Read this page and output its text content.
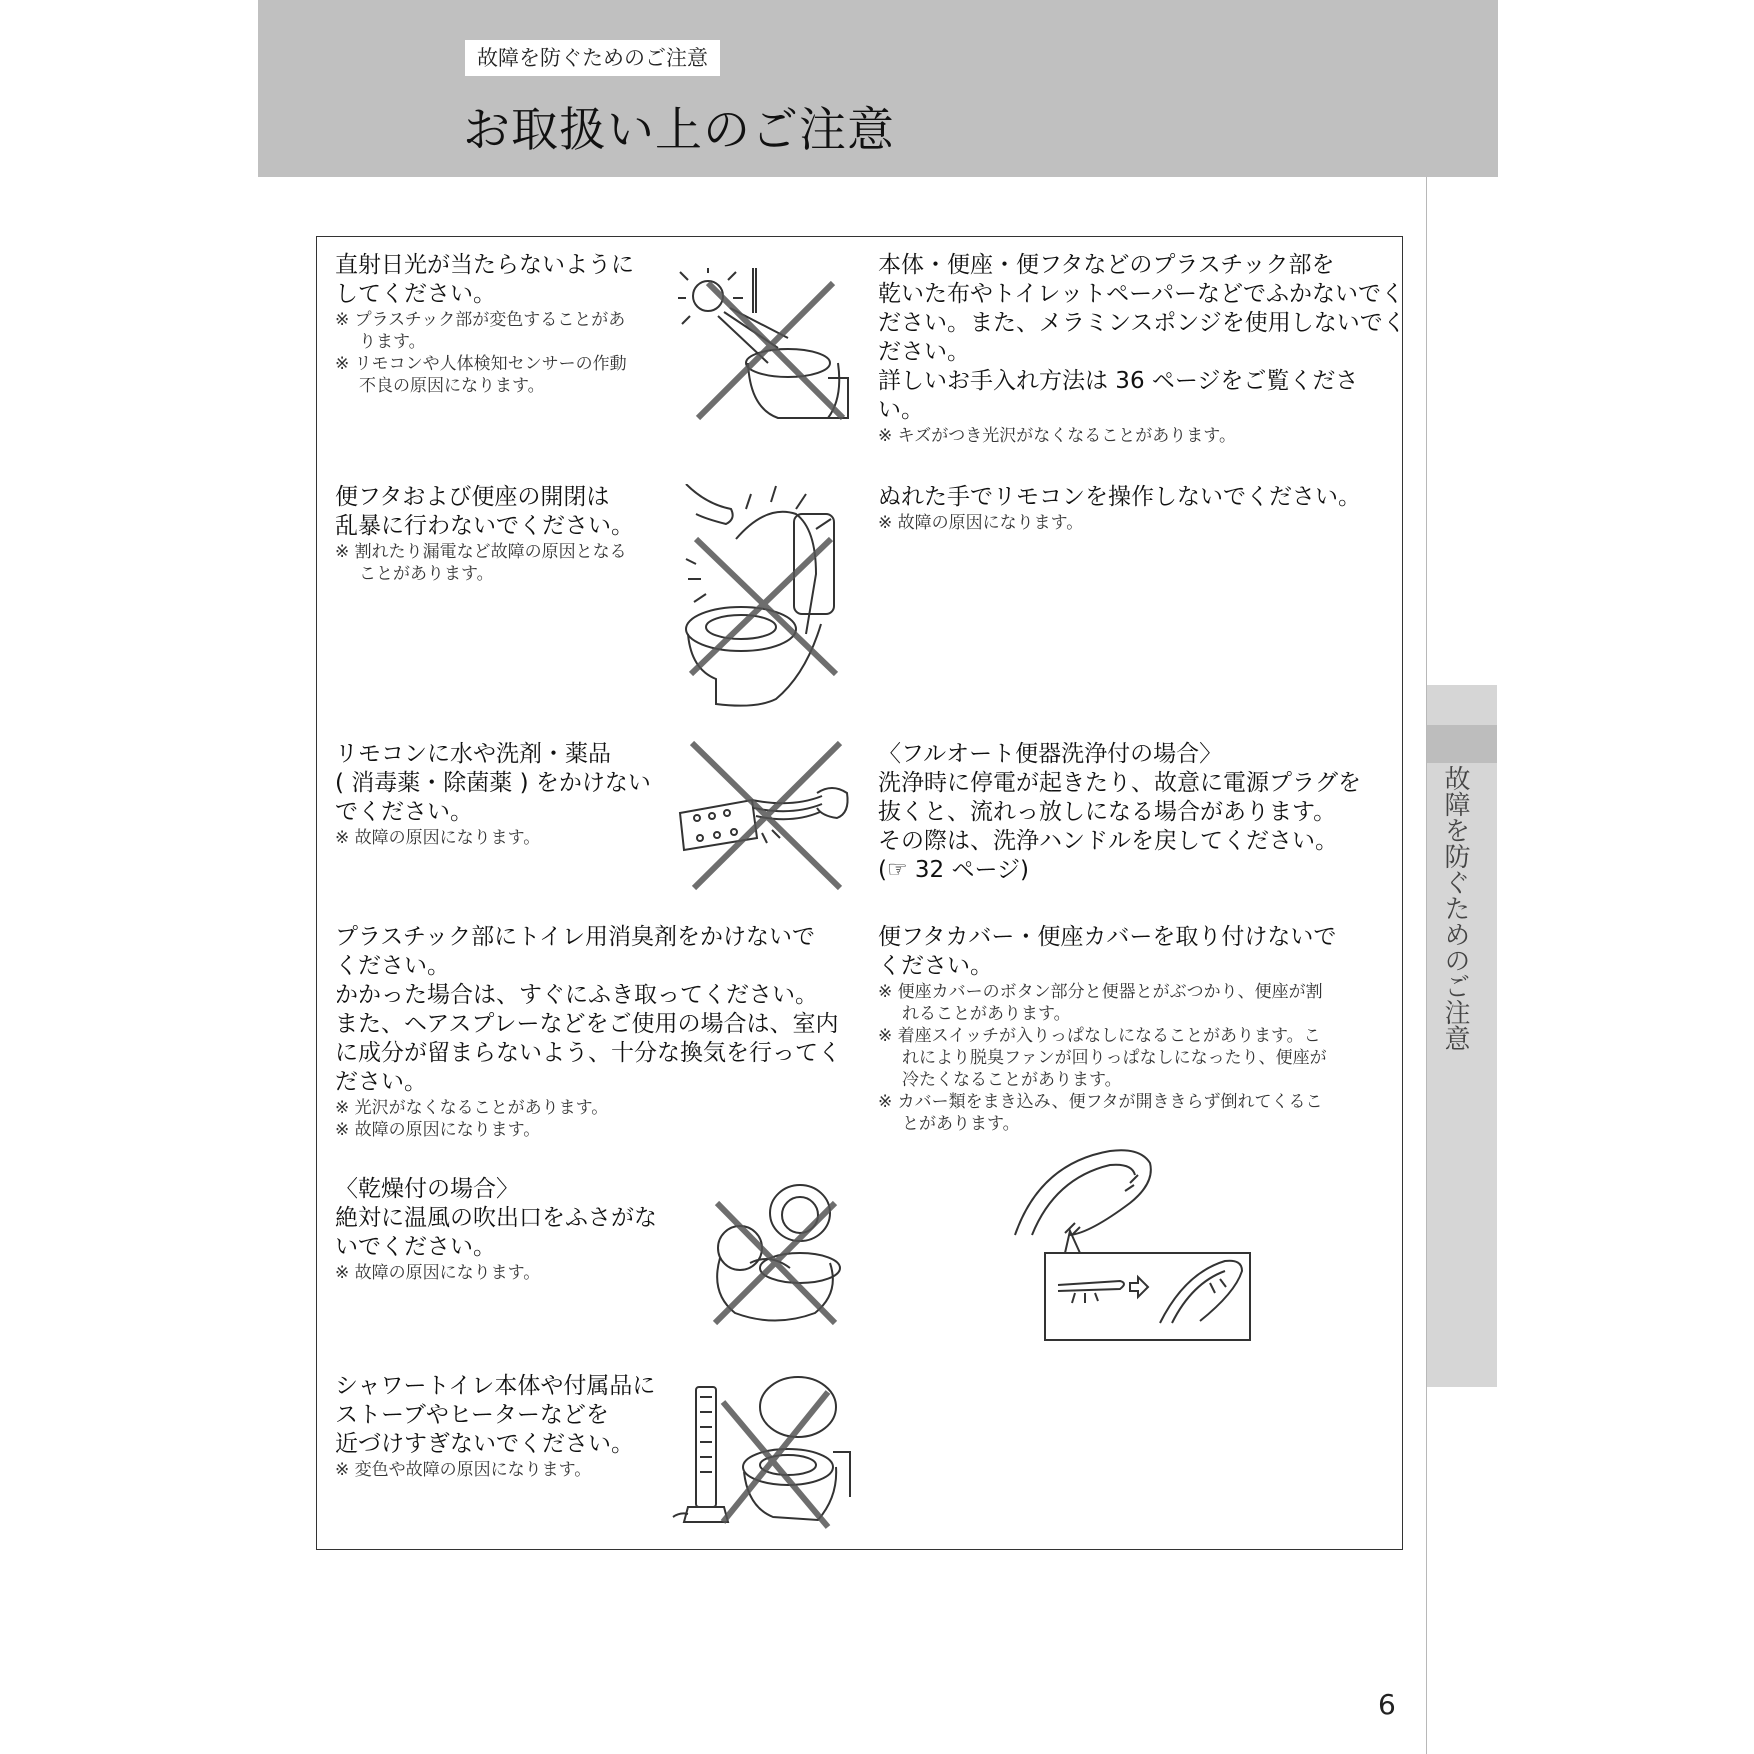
故障を防ぐためのご注意
お取扱い上のご注意
故障を防ぐためのご注意
6

直射日光が当たらないように

してください。

※ プラスチック部が変色することがあ

ります。

※ リモコンや人体検知センサーの作動

不良の原因になります。

便フタおよび便座の開閉は

乱暴に行わないでください。

※ 割れたり漏電など故障の原因となる

ことがあります。

リモコンに水や洗剤・薬品

( 消毒薬・除菌薬 ) をかけない

でください。

※ 故障の原因になります。

プラスチック部にトイレ用消臭剤をかけないで

ください。

かかった場合は、すぐにふき取ってください。

また、ヘアスプレーなどをご使用の場合は、室内

に成分が留まらないよう、十分な換気を行ってく

ださい。

※ 光沢がなくなることがあります。

※ 故障の原因になります。

〈乾燥付の場合〉

絶対に温風の吹出口をふさがな

いでください。

※ 故障の原因になります。

シャワートイレ本体や付属品に

ストーブやヒーターなどを

近づけすぎないでください。

※ 変色や故障の原因になります。

本体・便座・便フタなどのプラスチック部を

乾いた布やトイレットペーパーなどでふかないでく

ださい。また、メラミンスポンジを使用しないでく

ださい。

詳しいお手入れ方法は 36 ページをご覧くださ

い。

※ キズがつき光沢がなくなることがあります。

ぬれた手でリモコンを操作しないでください。

※ 故障の原因になります。

〈フルオート便器洗浄付の場合〉

洗浄時に停電が起きたり、故意に電源プラグを

抜くと、流れっ放しになる場合があります。

その際は、洗浄ハンドルを戻してください。

(☞ 32 ページ)

便フタカバー・便座カバーを取り付けないで

ください。

※ 便座カバーのボタン部分と便器とがぶつかり、便座が割

れることがあります。

※ 着座スイッチが入りっぱなしになることがあります。こ

れにより脱臭ファンが回りっぱなしになったり、便座が

冷たくなることがあります。

※ カバー類をまき込み、便フタが開ききらず倒れてくるこ

とがあります。
